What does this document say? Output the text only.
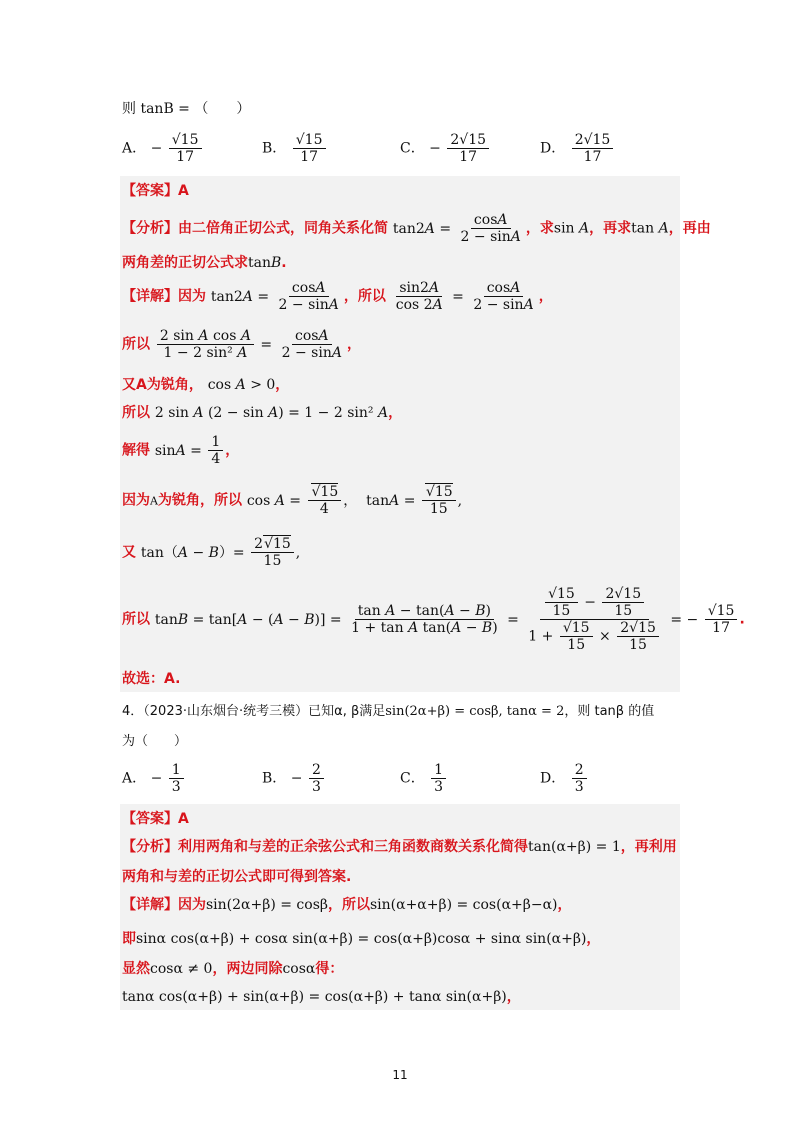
则 tanB = （　　）
A． − $\frac{√15}{17}$	B． $\frac{√15}{17}$	C． − $\frac{2√15}{17}$	D． $\frac{2√15}{17}$
【答案】A
【分析】由二倍角正切公式，同角关系化简 $\tan 2A = \frac{\cos A}{2 - \sin A}$ ，求sin A，再求tan A，再由
两角差的正切公式求tanB.
【详解】因为 $\tan 2A = \frac{\cos A}{2 - \sin A}$ ，所以 $\frac{\sin 2A}{\cos 2A} = \frac{\cos A}{2 - \sin A}$ ，
所以 $\frac{\text{2 sin A cos A}}{\text{1 − 2 sin² A}} = \frac{\cos A}{2 - \sin A}$ ，
又A为锐角， cos A > 0，
所以 2 sin A (2 − sin A) = 1 − 2 sin² A，
解得 $\sin A = \frac{1}{4}$ ，
因为A为锐角，所以 $\cos A = \frac{√15}{4}$ ，  $\tan A = \frac{√15}{15}$ ,
又 $\tan(A - B)= \frac{2√15}{15}$ ,
所以 $\tan B = \tan[A - (A - B)] = \frac{\text{tan A − tan(A − B)}}{\text{1 + tan A tan(A − B)}} = \frac{\frac{√15}{15} - \frac{2√15}{15}}{1 + \frac{√15}{15} \times \frac{2√15}{15}}$ = − $\frac{√15}{17}$ .
故选：A.
4．（2023·山东烟台·统考三模）已知α, β满足sin(2α+β) = cosβ, tanα = 2，则 tanβ 的值
为（　　）
A． − $\frac{1}{3}$	B． − $\frac{2}{3}$	C． $\frac{1}{3}$	D． $\frac{2}{3}$
【答案】A
【分析】利用两角和与差的正余弦公式和三角函数商数关系化简得tan(α+β) = 1，再利用
两角和与差的正切公式即可得到答案.
【详解】因为sin(2α+β) = cosβ，所以sin(α+α+β) = cos(α+β−α)，
即sinα cos(α+β) + cosα sin(α+β) = cos(α+β)cosα + sinα sin(α+β)，
显然cosα ≠ 0，两边同除cosα得：
tanα cos(α+β) + sin(α+β) = cos(α+β) + tanα sin(α+β)，
11
